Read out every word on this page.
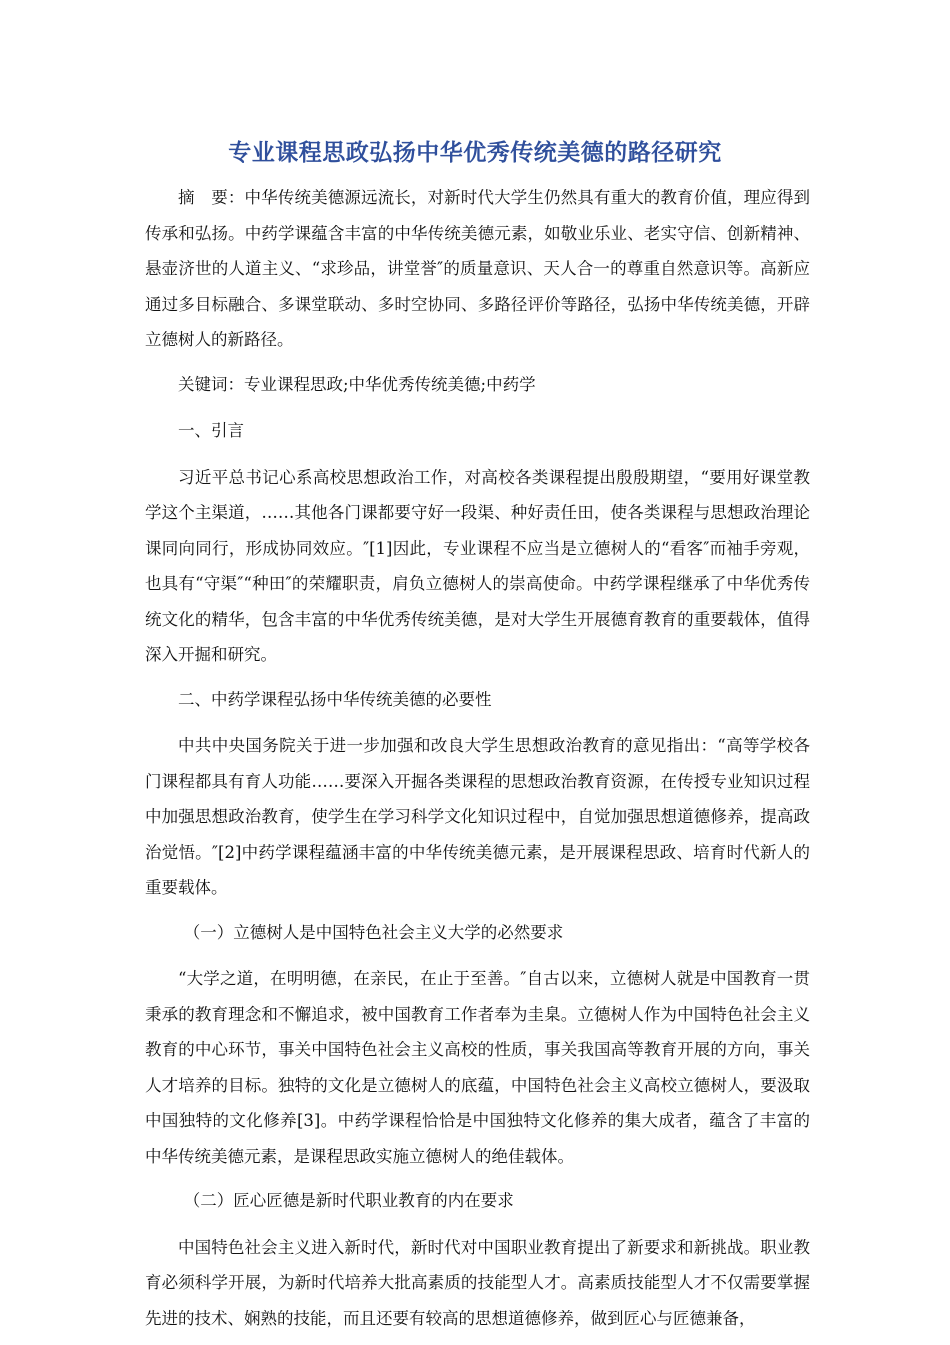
专业课程思政弘扬中华优秀传统美德的路径研究

摘　要：中华传统美德源远流长，对新时代大学生仍然具有重大的教育价值，理应得到传承和弘扬。中药学课蕴含丰富的中华传统美德元素，如敬业乐业、老实守信、创新精神、悬壶济世的人道主义、“求珍品，讲堂誉″的质量意识、天人合一的尊重自然意识等。高新应通过多目标融合、多课堂联动、多时空协同、多路径评价等路径，弘扬中华传统美德，开辟立德树人的新路径。

关键词：专业课程思政;中华优秀传统美德;中药学

一、引言

习近平总书记心系高校思想政治工作，对高校各类课程提出殷殷期望，“要用好课堂教学这个主渠道，……其他各门课都要守好一段渠、种好责任田，使各类课程与思想政治理论课同向同行，形成协同效应。″[1]因此，专业课程不应当是立德树人的“看客″而袖手旁观，也具有“守渠″“种田″的荣耀职责，肩负立德树人的崇高使命。中药学课程继承了中华优秀传统文化的精华，包含丰富的中华优秀传统美德，是对大学生开展德育教育的重要载体，值得深入开掘和研究。

二、中药学课程弘扬中华传统美德的必要性

中共中央国务院关于进一步加强和改良大学生思想政治教育的意见指出：“高等学校各门课程都具有育人功能……要深入开掘各类课程的思想政治教育资源，在传授专业知识过程中加强思想政治教育，使学生在学习科学文化知识过程中，自觉加强思想道德修养，提高政治觉悟。″[2]中药学课程蕴涵丰富的中华传统美德元素，是开展课程思政、培育时代新人的重要载体。

（一）立德树人是中国特色社会主义大学的必然要求

“大学之道，在明明德，在亲民，在止于至善。″自古以来，立德树人就是中国教育一贯秉承的教育理念和不懈追求，被中国教育工作者奉为圭臬。立德树人作为中国特色社会主义教育的中心环节，事关中国特色社会主义高校的性质，事关我国高等教育开展的方向，事关人才培养的目标。独特的文化是立德树人的底蕴，中国特色社会主义高校立德树人，要汲取中国独特的文化修养[3]。中药学课程恰恰是中国独特文化修养的集大成者，蕴含了丰富的中华传统美德元素，是课程思政实施立德树人的绝佳载体。

（二）匠心匠德是新时代职业教育的内在要求

中国特色社会主义进入新时代，新时代对中国职业教育提出了新要求和新挑战。职业教育必须科学开展，为新时代培养大批高素质的技能型人才。高素质技能型人才不仅需要掌握先进的技术、娴熟的技能，而且还要有较高的思想道德修养，做到匠心与匠德兼备，
